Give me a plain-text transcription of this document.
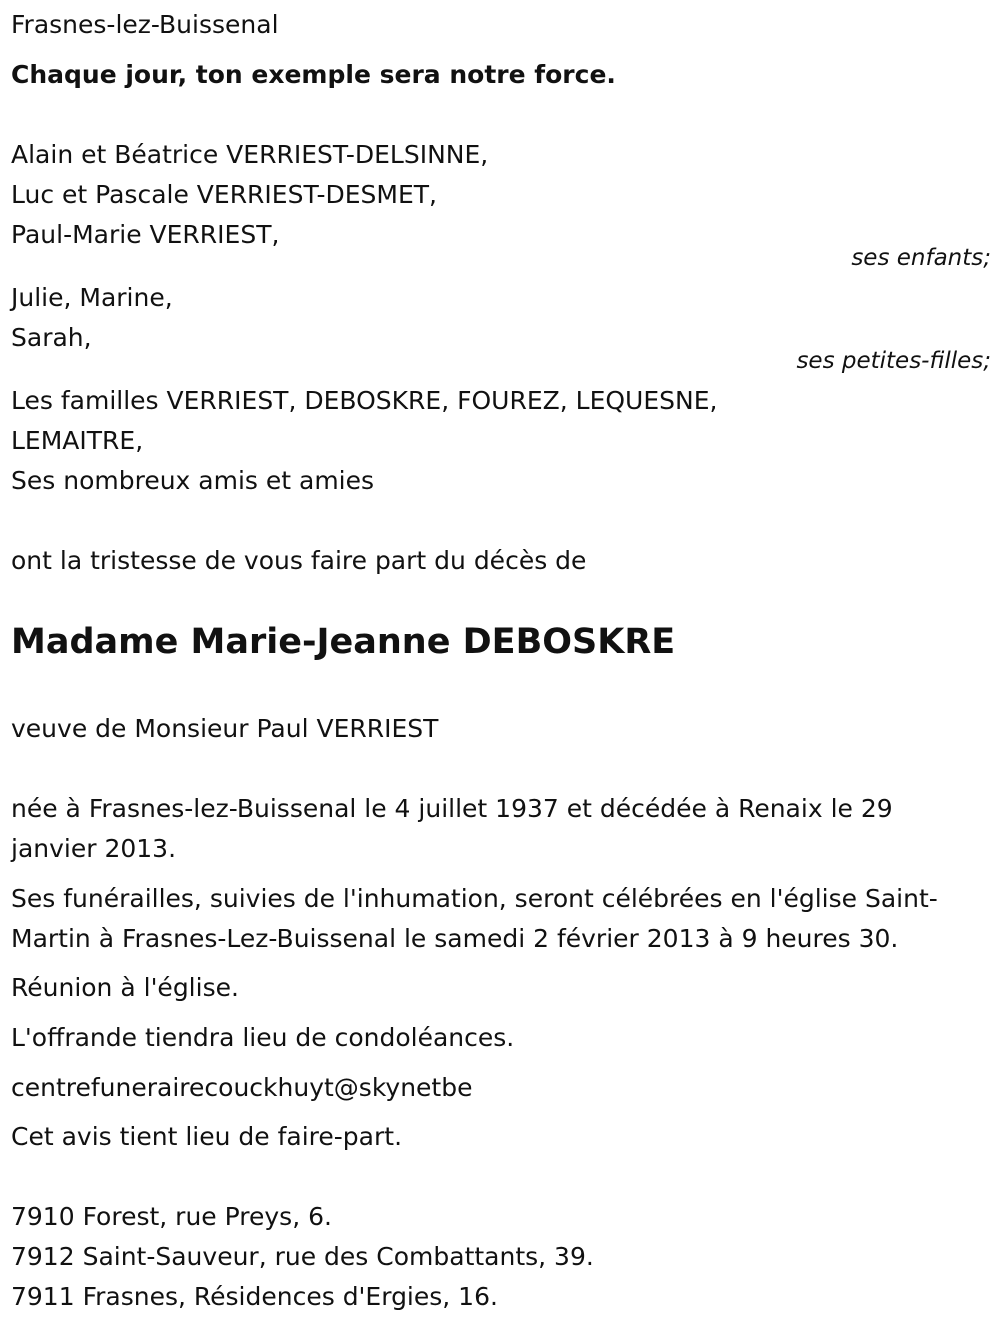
Frasnes-lez-Buissenal
Chaque jour, ton exemple sera notre force.
Alain et Béatrice VERRIEST-DELSINNE,
Luc et Pascale VERRIEST-DESMET,
Paul-Marie VERRIEST,
ses enfants;
Julie, Marine,
Sarah,
ses petites-filles;
Les familles VERRIEST, DEBOSKRE, FOUREZ, LEQUESNE,
LEMAITRE,
Ses nombreux amis et amies
ont la tristesse de vous faire part du décès de
Madame Marie-Jeanne DEBOSKRE
veuve de Monsieur Paul VERRIEST
née à Frasnes-lez-Buissenal le 4 juillet 1937 et décédée à Renaix le 29 janvier 2013.
Ses funérailles, suivies de l'inhumation, seront célébrées en l'église Saint-Martin à Frasnes-Lez-Buissenal le samedi 2 février 2013 à 9 heures 30.
Réunion à l'église.
L'offrande tiendra lieu de condoléances.
centrefunerairecouckhuyt@skynetbe
Cet avis tient lieu de faire-part.
7910 Forest, rue Preys, 6.
7912 Saint-Sauveur, rue des Combattants, 39.
7911 Frasnes, Résidences d'Ergies, 16.
